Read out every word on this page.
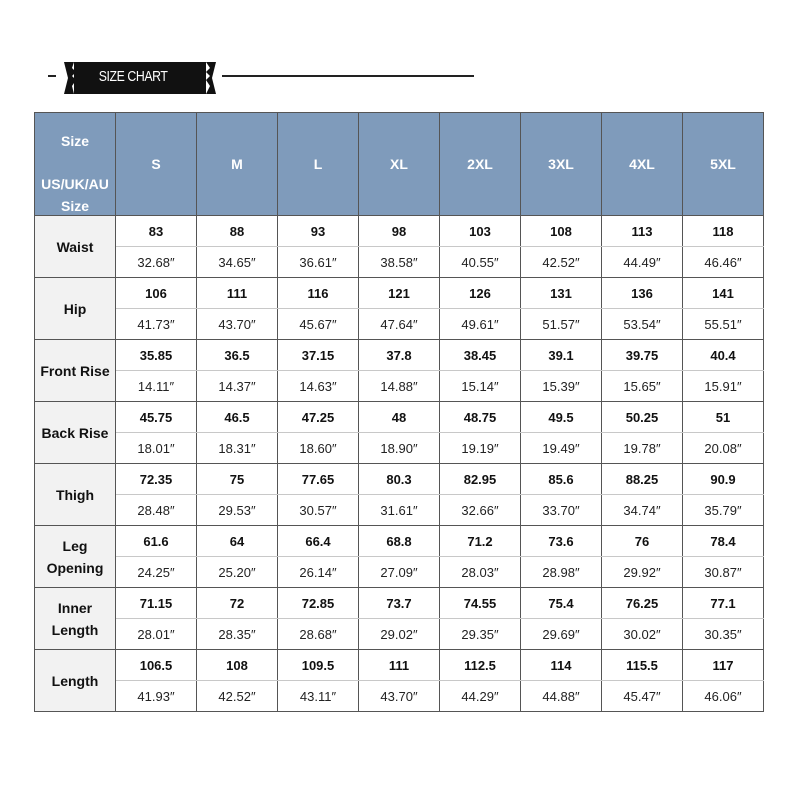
SIZE CHART
Size
US/UK/AU
Size	S	M	L	XL	2XL	3XL	4XL	5XL
Waist	83	88	93	98	103	108	113	118
	32.68″	34.65″	36.61″	38.58″	40.55″	42.52″	44.49″	46.46″
Hip	106	111	116	121	126	131	136	141
	41.73″	43.70″	45.67″	47.64″	49.61″	51.57″	53.54″	55.51″
Front Rise	35.85	36.5	37.15	37.8	38.45	39.1	39.75	40.4
	14.11″	14.37″	14.63″	14.88″	15.14″	15.39″	15.65″	15.91″
Back Rise	45.75	46.5	47.25	48	48.75	49.5	50.25	51
	18.01″	18.31″	18.60″	18.90″	19.19″	19.49″	19.78″	20.08″
Thigh	72.35	75	77.65	80.3	82.95	85.6	88.25	90.9
	28.48″	29.53″	30.57″	31.61″	32.66″	33.70″	34.74″	35.79″
Leg
Opening	61.6	64	66.4	68.8	71.2	73.6	76	78.4
	24.25″	25.20″	26.14″	27.09″	28.03″	28.98″	29.92″	30.87″
Inner
Length	71.15	72	72.85	73.7	74.55	75.4	76.25	77.1
	28.01″	28.35″	28.68″	29.02″	29.35″	29.69″	30.02″	30.35″
Length	106.5	108	109.5	111	112.5	114	115.5	117
	41.93″	42.52″	43.11″	43.70″	44.29″	44.88″	45.47″	46.06″
